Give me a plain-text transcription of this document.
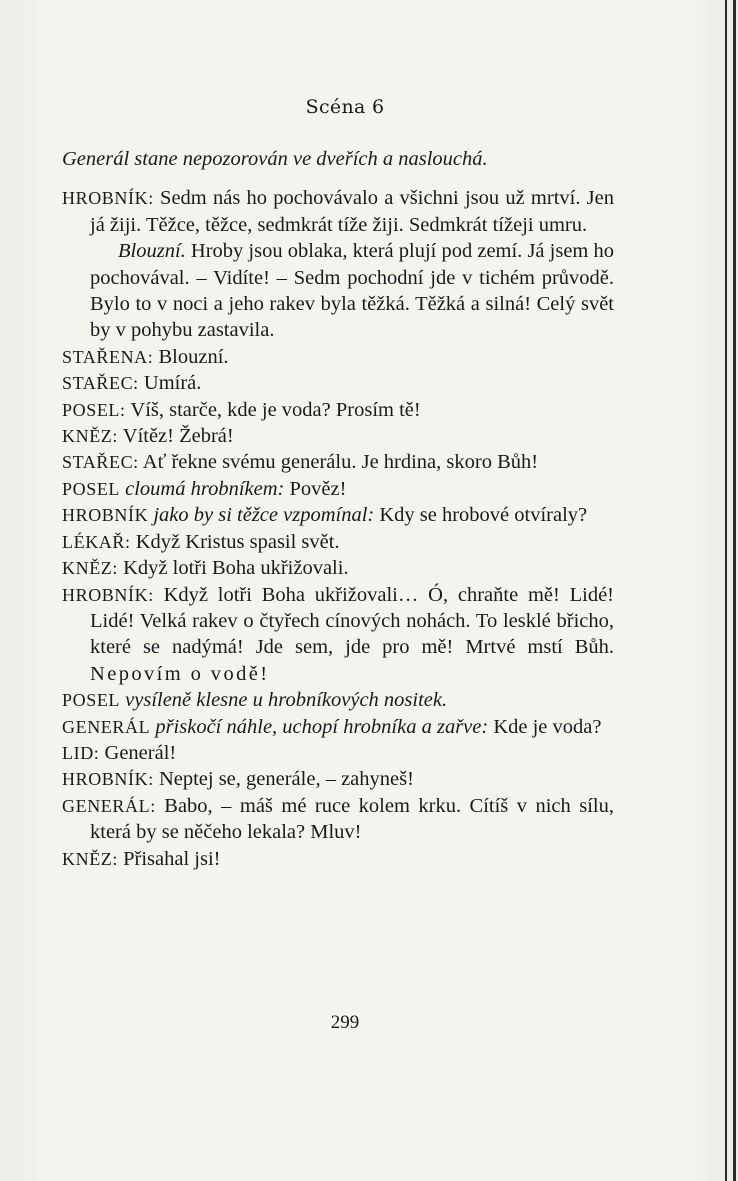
Scéna 6

Generál stane nepozorován ve dveřích a naslouchá.

HROBNÍK: Sedm nás ho pochovávalo a všichni jsou už mrtví. Jen já žiji. Těžce, těžce, sedmkrát tíže žiji. Sedmkrát tížeji umru.

Blouzní. Hroby jsou oblaka, která plují pod zemí. Já jsem ho pochovával. – Vidíte! – Sedm pochodní jde v tichém průvodě. Bylo to v noci a jeho rakev byla těžká. Těžká a silná! Celý svět by v pohybu zastavila.

STAŘENA: Blouzní.

STAŘEC: Umírá.

POSEL: Víš, starče, kde je voda? Prosím tě!

KNĚZ: Vítěz! Žebrá!

STAŘEC: Ať řekne svému generálu. Je hrdina, skoro Bůh!

POSEL cloumá hrobníkem: Pověz!

HROBNÍK jako by si těžce vzpomínal: Kdy se hrobové otvíraly?

LÉKAŘ: Když Kristus spasil svět.

KNĚZ: Když lotři Boha ukřižovali.

HROBNÍK: Když lotři Boha ukřižovali… Ó, chraňte mě! Lidé! Lidé! Velká rakev o čtyřech cínových nohách. To lesklé břicho, které se nadýmá! Jde sem, jde pro mě! Mrtvé mstí Bůh. Nepovím o vodě!

POSEL vysíleně klesne u hrobníkových nositek.

GENERÁL přiskočí náhle, uchopí hrobníka a zařve: Kde je voda?

LID: Generál!

HROBNÍK: Neptej se, generále, – zahyneš!

GENERÁL: Babo, – máš mé ruce kolem krku. Cítíš v nich sílu, která by se něčeho lekala? Mluv!

KNĚZ: Přisahal jsi!

299
